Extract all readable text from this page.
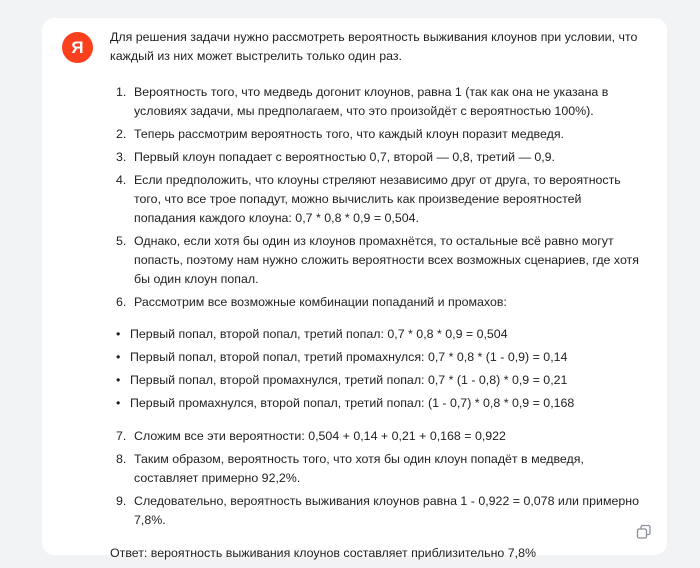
Я

Для решения задачи нужно рассмотреть вероятность выживания клоунов при условии, что каждый из них может выстрелить только один раз.

1. Вероятность того, что медведь догонит клоунов, равна 1 (так как она не указана в условиях задачи, мы предполагаем, что это произойдёт с вероятностью 100%).
2. Теперь рассмотрим вероятность того, что каждый клоун поразит медведя.
3. Первый клоун попадает с вероятностью 0,7, второй — 0,8, третий — 0,9.
4. Если предположить, что клоуны стреляют независимо друг от друга, то вероятность того, что все трое попадут, можно вычислить как произведение вероятностей попадания каждого клоуна: 0,7 * 0,8 * 0,9 = 0,504.
5. Однако, если хотя бы один из клоунов промахнётся, то остальные всё равно могут попасть, поэтому нам нужно сложить вероятности всех возможных сценариев, где хотя бы один клоун попал.
6. Рассмотрим все возможные комбинации попаданий и промахов:
• Первый попал, второй попал, третий попал: 0,7 * 0,8 * 0,9 = 0,504
• Первый попал, второй попал, третий промахнулся: 0,7 * 0,8 * (1 - 0,9) = 0,14
• Первый попал, второй промахнулся, третий попал: 0,7 * (1 - 0,8) * 0,9 = 0,21
• Первый промахнулся, второй попал, третий попал: (1 - 0,7) * 0,8 * 0,9 = 0,168
7. Сложим все эти вероятности: 0,504 + 0,14 + 0,21 + 0,168 = 0,922
8. Таким образом, вероятность того, что хотя бы один клоун попадёт в медведя, составляет примерно 92,2%.
9. Следовательно, вероятность выживания клоунов равна 1 - 0,922 = 0,078 или примерно 7,8%.

Ответ: вероятность выживания клоунов составляет приблизительно 7,8%
